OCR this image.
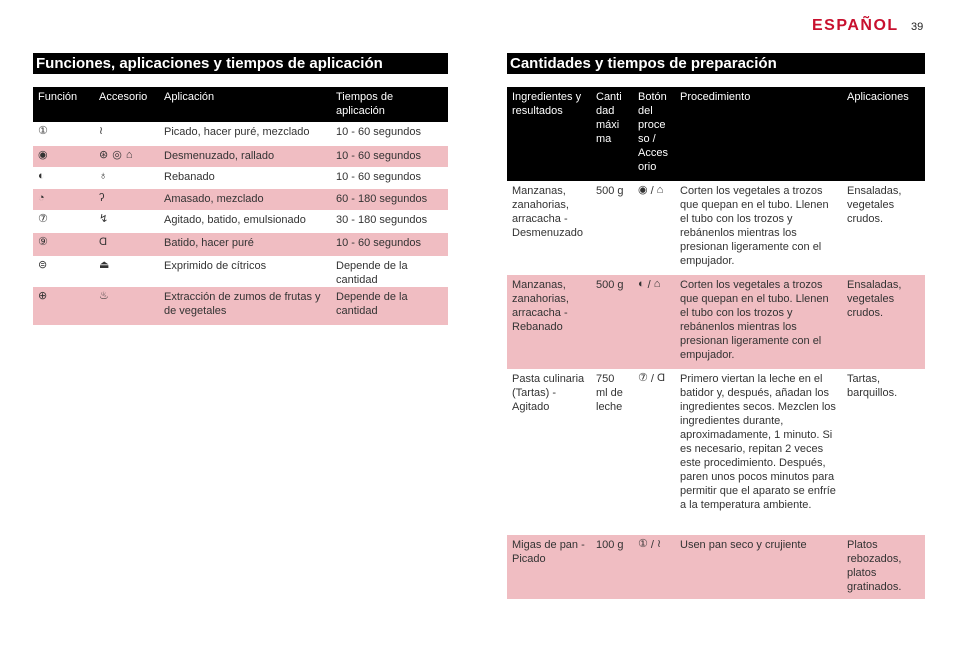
ESPAÑOL 39
Funciones, aplicaciones y tiempos de aplicación
Función	Accesorio	Aplicación	Tiempos de aplicación
①	≀	Picado, hacer puré, mezclado	10 - 60 segundos
◉	⊛ ◎ ⌂	Desmenuzado, rallado	10 - 60 segundos
◐	♁	Rebanado	10 - 60 segundos
◔	ʔ	Amasado, mezclado	60 - 180 segundos
⑦	↯	Agitado, batido, emulsionado	30 - 180 segundos
⑨	Ɑ	Batido, hacer puré	10 - 60 segundos
⊜	⏏	Exprimido de cítricos	Depende de la cantidad
⊕	♨	Extracción de zumos de frutas y de vegetales	Depende de la cantidad
Cantidades y tiempos de preparación
Ingredientes y resultados	Canti dad máxi ma	Botón del proce so / Acces orio	Procedimiento	Aplicaciones
Manzanas, zanahorias, arracacha - Desmenuzado	500 g	◉ / ⌂	Corten los vegetales a trozos que quepan en el tubo. Llenen el tubo con los trozos y rebánenlos mientras los presionan ligeramente con el empujador.	Ensaladas, vegetales crudos.
Manzanas, zanahorias, arracacha - Rebanado	500 g	◐ / ⌂	Corten los vegetales a trozos que quepan en el tubo. Llenen el tubo con los trozos y rebánenlos mientras los presionan ligeramente con el empujador.	Ensaladas, vegetales crudos.
Pasta culinaria (Tartas) - Agitado	750 ml de leche	⑦ / Ɑ	Primero viertan la leche en el batidor y, después, añadan los ingredientes secos. Mezclen los ingredientes durante, aproximadamente, 1 minuto. Si es necesario, repitan 2 veces este procedimiento. Después, paren unos pocos minutos para permitir que el aparato se enfríe a la temperatura ambiente.	Tartas, barquillos.
Migas de pan - Picado	100 g	① / ≀	Usen pan seco y crujiente	Platos rebozados, platos gratinados.
